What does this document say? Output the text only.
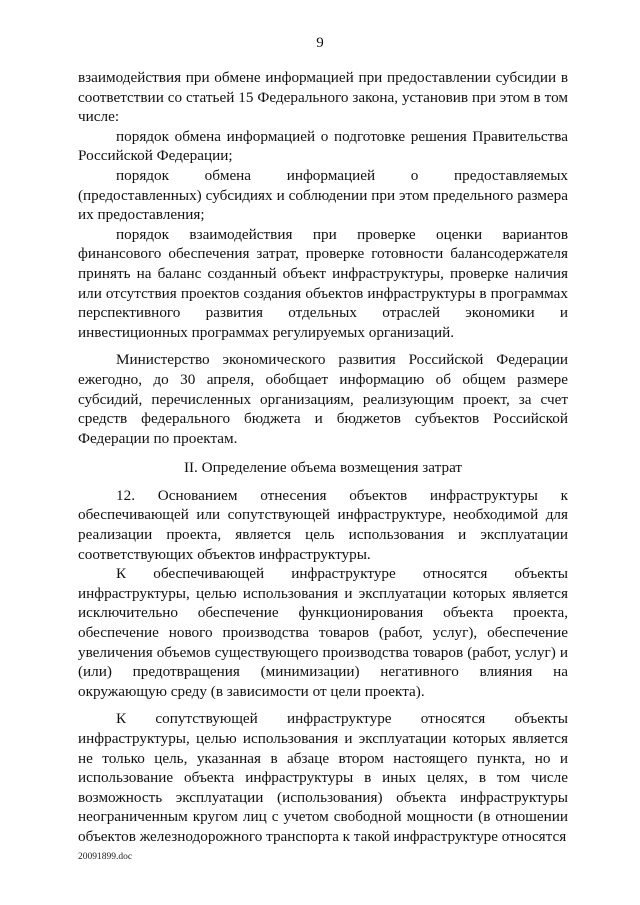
9

взаимодействия при обмене информацией при предоставлении субсидии в соответствии со статьей 15 Федерального закона, установив при этом в том числе:

порядок обмена информацией о подготовке решения Правительства Российской Федерации;

порядок обмена информацией о предоставляемых (предоставленных) субсидиях и соблюдении при этом предельного размера их предоставления;

порядок взаимодействия при проверке оценки вариантов финансового обеспечения затрат, проверке готовности балансодержателя принять на баланс созданный объект инфраструктуры, проверке наличия или отсутствия проектов создания объектов инфраструктуры в программах перспективного развития отдельных отраслей экономики и инвестиционных программах регулируемых организаций.

Министерство экономического развития Российской Федерации ежегодно, до 30 апреля, обобщает информацию об общем размере субсидий, перечисленных организациям, реализующим проект, за счет средств федерального бюджета и бюджетов субъектов Российской Федерации по проектам.

II. Определение объема возмещения затрат

12. Основанием отнесения объектов инфраструктуры к обеспечивающей или сопутствующей инфраструктуре, необходимой для реализации проекта, является цель использования и эксплуатации соответствующих объектов инфраструктуры.

К обеспечивающей инфраструктуре относятся объекты инфраструктуры, целью использования и эксплуатации которых является исключительно обеспечение функционирования объекта проекта, обеспечение нового производства товаров (работ, услуг), обеспечение увеличения объемов существующего производства товаров (работ, услуг) и (или) предотвращения (минимизации) негативного влияния на окружающую среду (в зависимости от цели проекта).

К сопутствующей инфраструктуре относятся объекты инфраструктуры, целью использования и эксплуатации которых является не только цель, указанная в абзаце втором настоящего пункта, но и использование объекта инфраструктуры в иных целях, в том числе возможность эксплуатации (использования) объекта инфраструктуры неограниченным кругом лиц с учетом свободной мощности (в отношении объектов железнодорожного транспорта к такой инфраструктуре относятся

20091899.doc
